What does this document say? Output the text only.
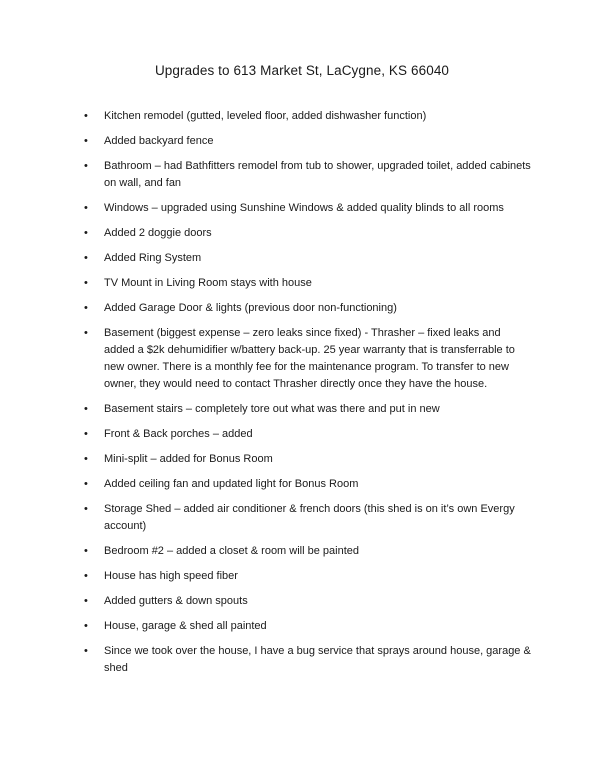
Upgrades to 613 Market St, LaCygne, KS 66040
• Kitchen remodel (gutted, leveled floor, added dishwasher function)
• Added backyard fence
• Bathroom – had Bathfitters remodel from tub to shower, upgraded toilet, added cabinets on wall, and fan
• Windows – upgraded using Sunshine Windows & added quality blinds to all rooms
• Added 2 doggie doors
• Added Ring System
• TV Mount in Living Room stays with house
• Added Garage Door & lights (previous door non-functioning)
• Basement (biggest expense – zero leaks since fixed) - Thrasher – fixed leaks and added a $2k dehumidifier w/battery back-up. 25 year warranty that is transferrable to new owner. There is a monthly fee for the maintenance program. To transfer to new owner, they would need to contact Thrasher directly once they have the house.
• Basement stairs – completely tore out what was there and put in new
• Front & Back porches – added
• Mini-split – added for Bonus Room
• Added ceiling fan and updated light for Bonus Room
• Storage Shed – added air conditioner & french doors (this shed is on it’s own Evergy account)
• Bedroom #2 – added a closet & room will be painted
• House has high speed fiber
• Added gutters & down spouts
• House, garage & shed all painted
• Since we took over the house, I have a bug service that sprays around house, garage & shed
